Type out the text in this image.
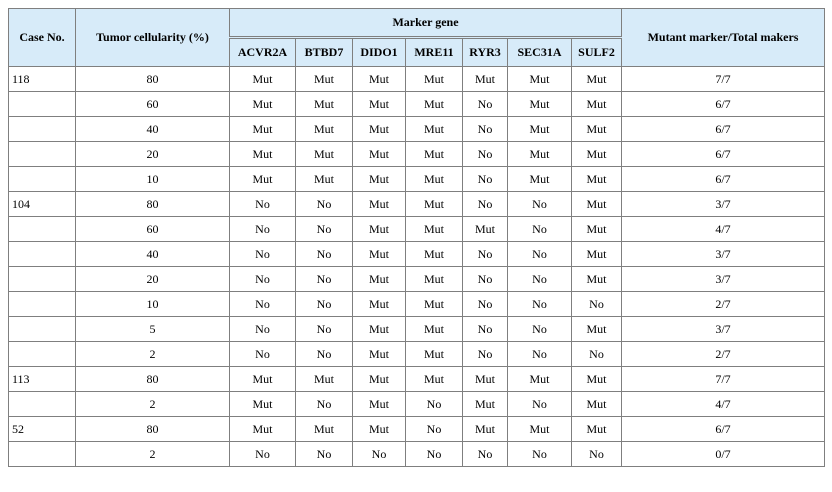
Case No.	Tumor cellularity (%)	Marker gene							Mutant marker/Total makers
		ACVR2A	BTBD7	DIDO1	MRE11	RYR3	SEC31A	SULF2	
118	80	Mut	Mut	Mut	Mut	Mut	Mut	Mut	7/7
	60	Mut	Mut	Mut	Mut	No	Mut	Mut	6/7
	40	Mut	Mut	Mut	Mut	No	Mut	Mut	6/7
	20	Mut	Mut	Mut	Mut	No	Mut	Mut	6/7
	10	Mut	Mut	Mut	Mut	No	Mut	Mut	6/7
104	80	No	No	Mut	Mut	No	No	Mut	3/7
	60	No	No	Mut	Mut	Mut	No	Mut	4/7
	40	No	No	Mut	Mut	No	No	Mut	3/7
	20	No	No	Mut	Mut	No	No	Mut	3/7
	10	No	No	Mut	Mut	No	No	No	2/7
	5	No	No	Mut	Mut	No	No	Mut	3/7
	2	No	No	Mut	Mut	No	No	No	2/7
113	80	Mut	Mut	Mut	Mut	Mut	Mut	Mut	7/7
	2	Mut	No	Mut	No	Mut	No	Mut	4/7
52	80	Mut	Mut	Mut	No	Mut	Mut	Mut	6/7
	2	No	No	No	No	No	No	No	0/7
